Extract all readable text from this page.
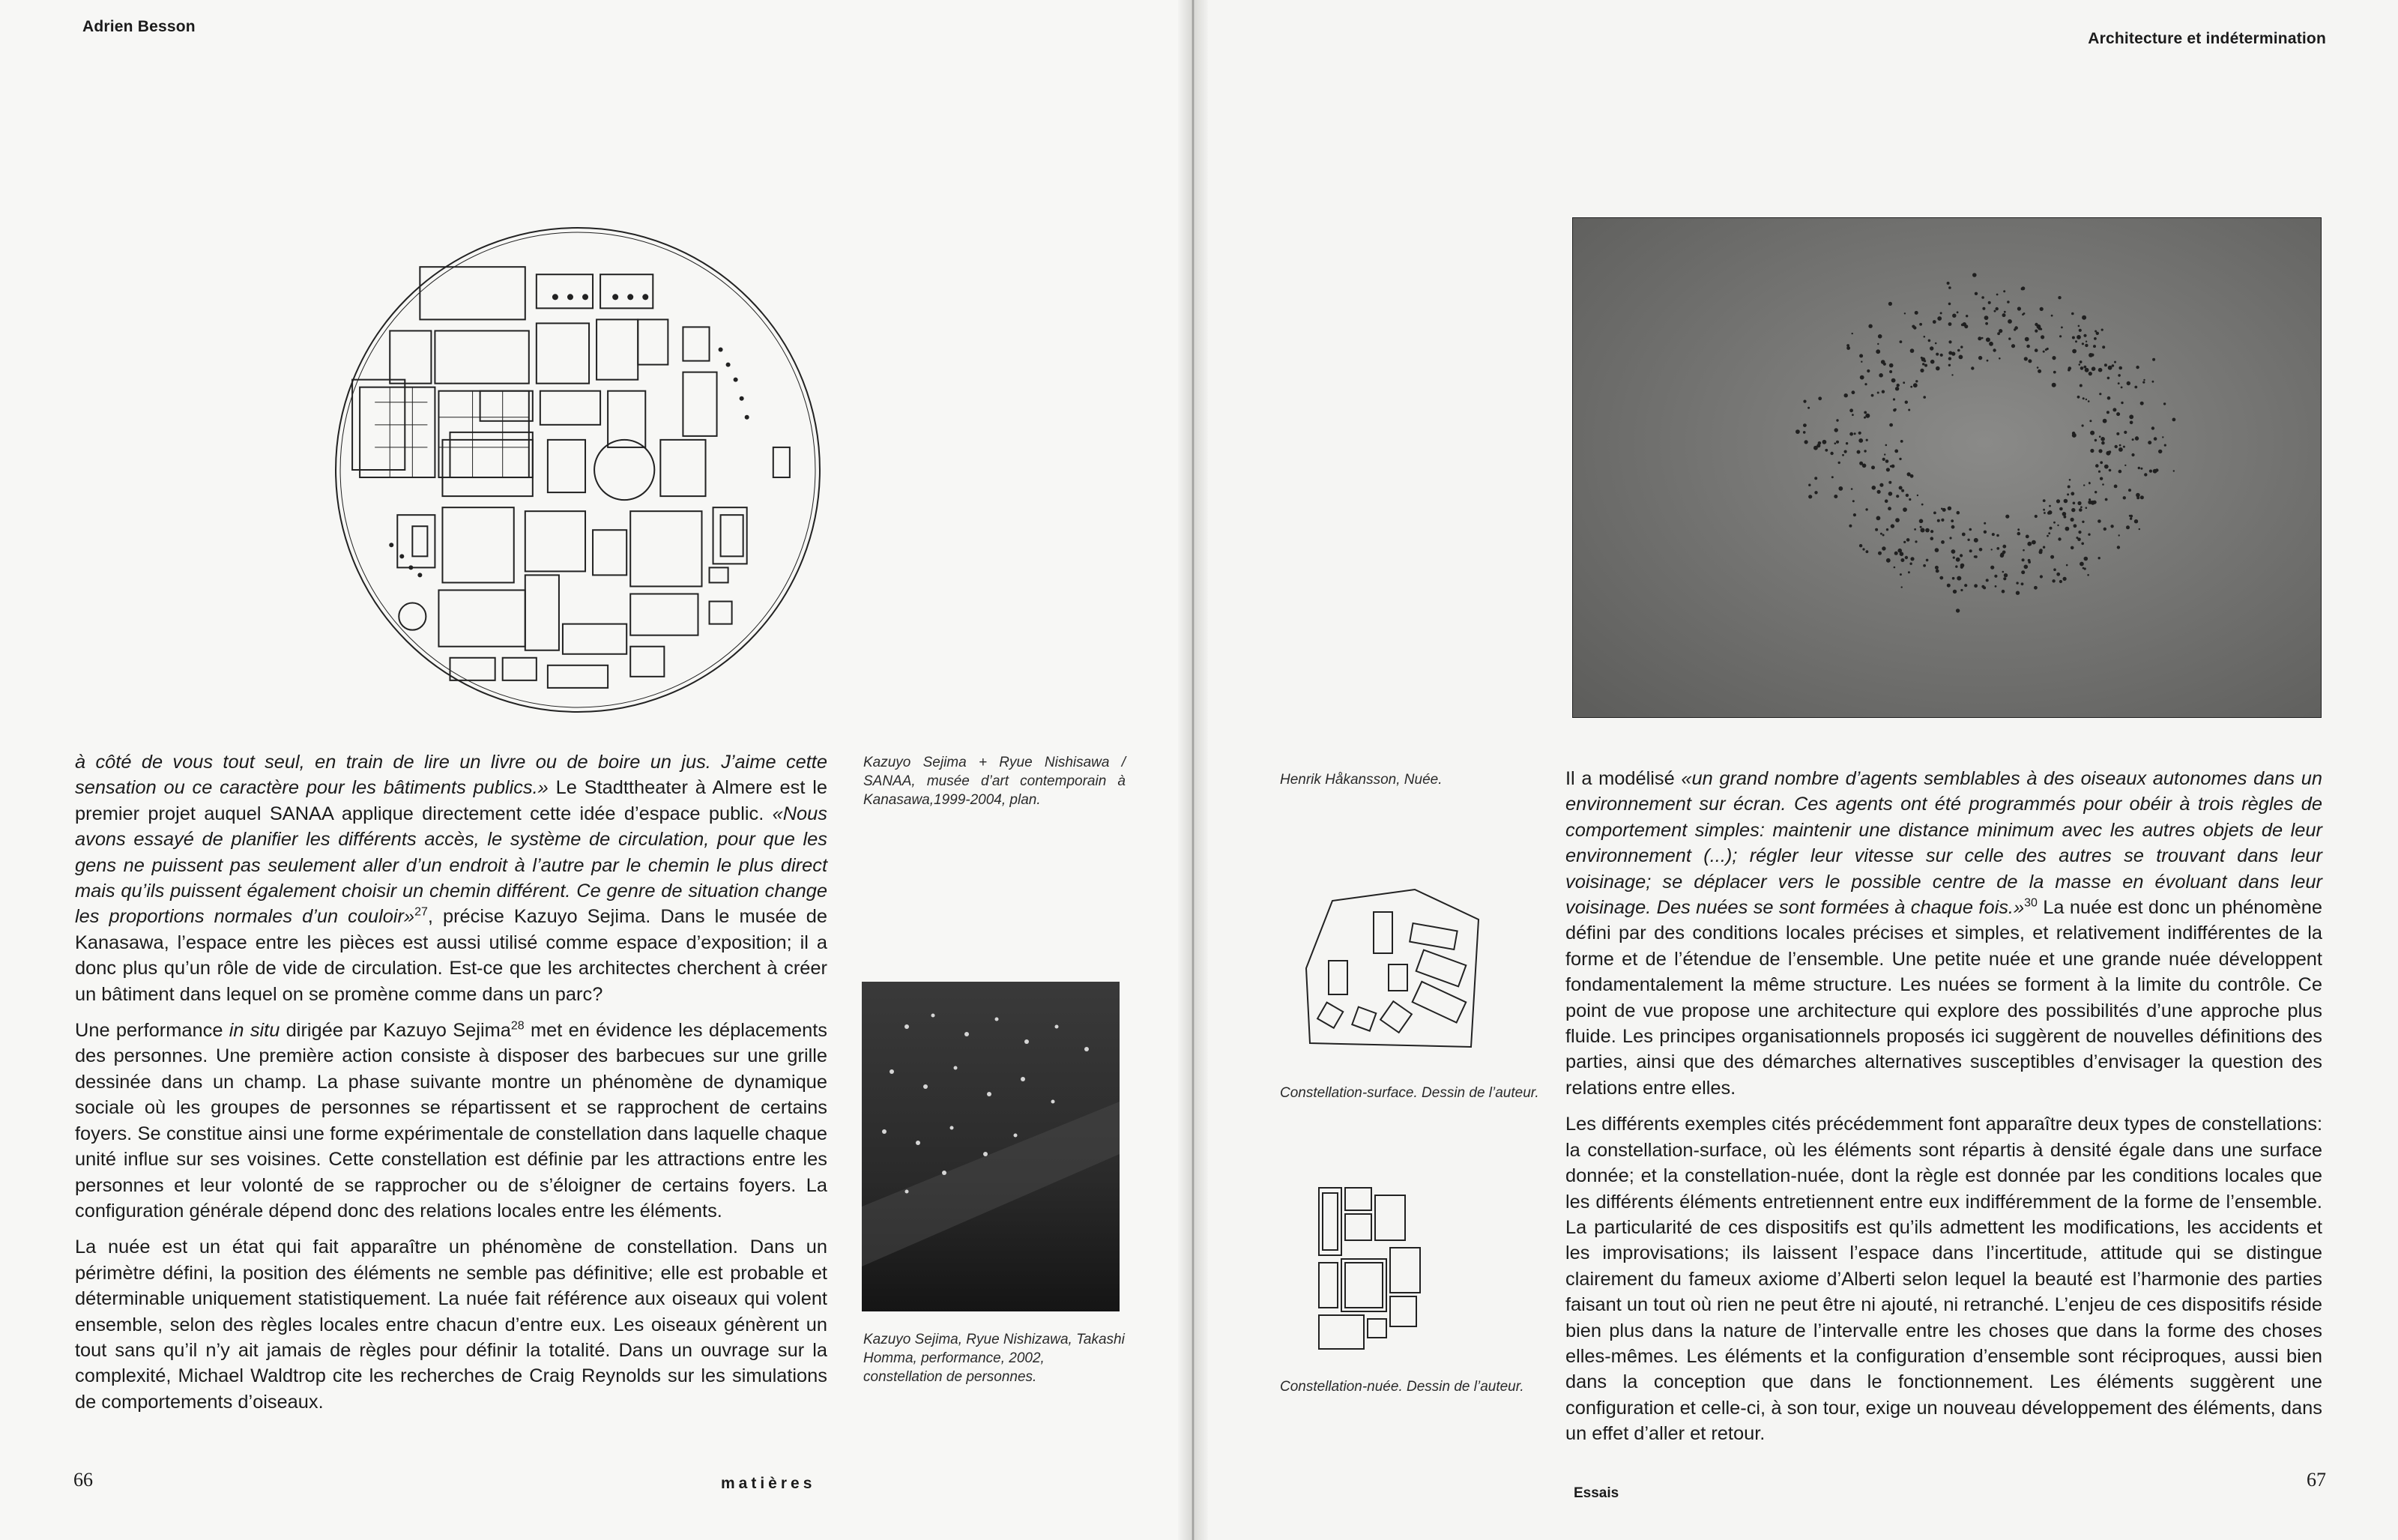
Adrien Besson

à côté de vous tout seul, en train de lire un livre ou de boire un jus. J’aime cette sensation ou ce caractère pour les bâtiments publics.» Le Stadttheater à Almere est le premier projet auquel SANAA applique directement cette idée d’espace public. «Nous avons essayé de planifier les différents accès, le système de circulation, pour que les gens ne puissent pas seulement aller d’un endroit à l’autre par le chemin le plus direct mais qu’ils puissent également choisir un chemin différent. Ce genre de situation change les proportions normales d’un couloir»$^{27}$, précise Kazuyo Sejima. Dans le musée de Kanasawa, l’espace entre les pièces est aussi utilisé comme espace d’exposition; il a donc plus qu’un rôle de vide de circulation. Est-ce que les architectes cherchent à créer un bâtiment dans lequel on se promène comme dans un parc?

Une performance in situ dirigée par Kazuyo Sejima$^{28}$ met en évidence les déplacements des personnes. Une première action consiste à disposer des barbecues sur une grille dessinée dans un champ. La phase suivante montre un phénomène de dynamique sociale où les groupes de personnes se répartissent et se rapprochent de certains foyers. Se constitue ainsi une forme expérimentale de constellation dans laquelle chaque unité influe sur ses voisines. Cette constellation est définie par les attractions entre les personnes et leur volonté de se rapprocher ou de s’éloigner de certains foyers. La configuration générale dépend donc des relations locales entre les éléments.

La nuée est un état qui fait apparaître un phénomène de constellation. Dans un périmètre défini, la position des éléments ne semble pas définitive; elle est probable et déterminable uniquement statistiquement. La nuée fait référence aux oiseaux qui volent ensemble, selon des règles locales entre chacun d’entre eux. Les oiseaux génèrent un tout sans qu’il n’y ait jamais de règles pour définir la totalité. Dans un ouvrage sur la complexité, Michael Waldtrop cite les recherches de Craig Reynolds sur les simulations de comportements d’oiseaux.

Kazuyo Sejima + Ryue Nishisawa / SANAA, musée d’art contemporain à Kanasawa,1999-2004, plan.

Kazuyo Sejima, Ryue Nishizawa, Takashi Homma, performance, 2002, constellation de personnes.

66	matières
Architecture et indétermination

Henrik Håkansson, Nuée.

Constellation-surface. Dessin de l’auteur.

Constellation-nuée. Dessin de l’auteur.

Il a modélisé «un grand nombre d’agents semblables à des oiseaux autonomes dans un environnement sur écran. Ces agents ont été programmés pour obéir à trois règles de comportement simples: maintenir une distance minimum avec les autres objets de leur environnement (...); régler leur vitesse sur celle des autres se trouvant dans leur voisinage; se déplacer vers le possible centre de la masse en évoluant dans leur voisinage. Des nuées se sont formées à chaque fois.»$^{30}$ La nuée est donc un phénomène défini par des conditions locales précises et simples, et relativement indifférentes de la forme et de l’étendue de l’ensemble. Une petite nuée et une grande nuée développent fondamentalement la même structure. Les nuées se forment à la limite du contrôle. Ce point de vue propose une architecture qui explore des possibilités d’une approche plus fluide. Les principes organisationnels proposés ici suggèrent de nouvelles définitions des parties, ainsi que des démarches alternatives susceptibles d’envisager la question des relations entre elles.

Les différents exemples cités précédemment font apparaître deux types de constellations: la constellation-surface, où les éléments sont répartis à densité égale dans une surface donnée; et la constellation-nuée, dont la règle est donnée par les conditions locales que les différents éléments entretiennent entre eux indifféremment de la forme de l’ensemble. La particularité de ces dispositifs est qu’ils admettent les modifications, les accidents et les improvisations; ils laissent l’espace dans l’incertitude, attitude qui se distingue clairement du fameux axiome d’Alberti selon lequel la beauté est l’harmonie des parties faisant un tout où rien ne peut être ni ajouté, ni retranché. L’enjeu de ces dispositifs réside bien plus dans la nature de l’intervalle entre les choses que dans la forme des choses elles-mêmes. Les éléments et la configuration d’ensemble sont réciproques, aussi bien dans la conception que dans le fonctionnement. Les éléments suggèrent une configuration et celle-ci, à son tour, exige un nouveau développement des éléments, dans un effet d’aller et retour.

Essais
67
